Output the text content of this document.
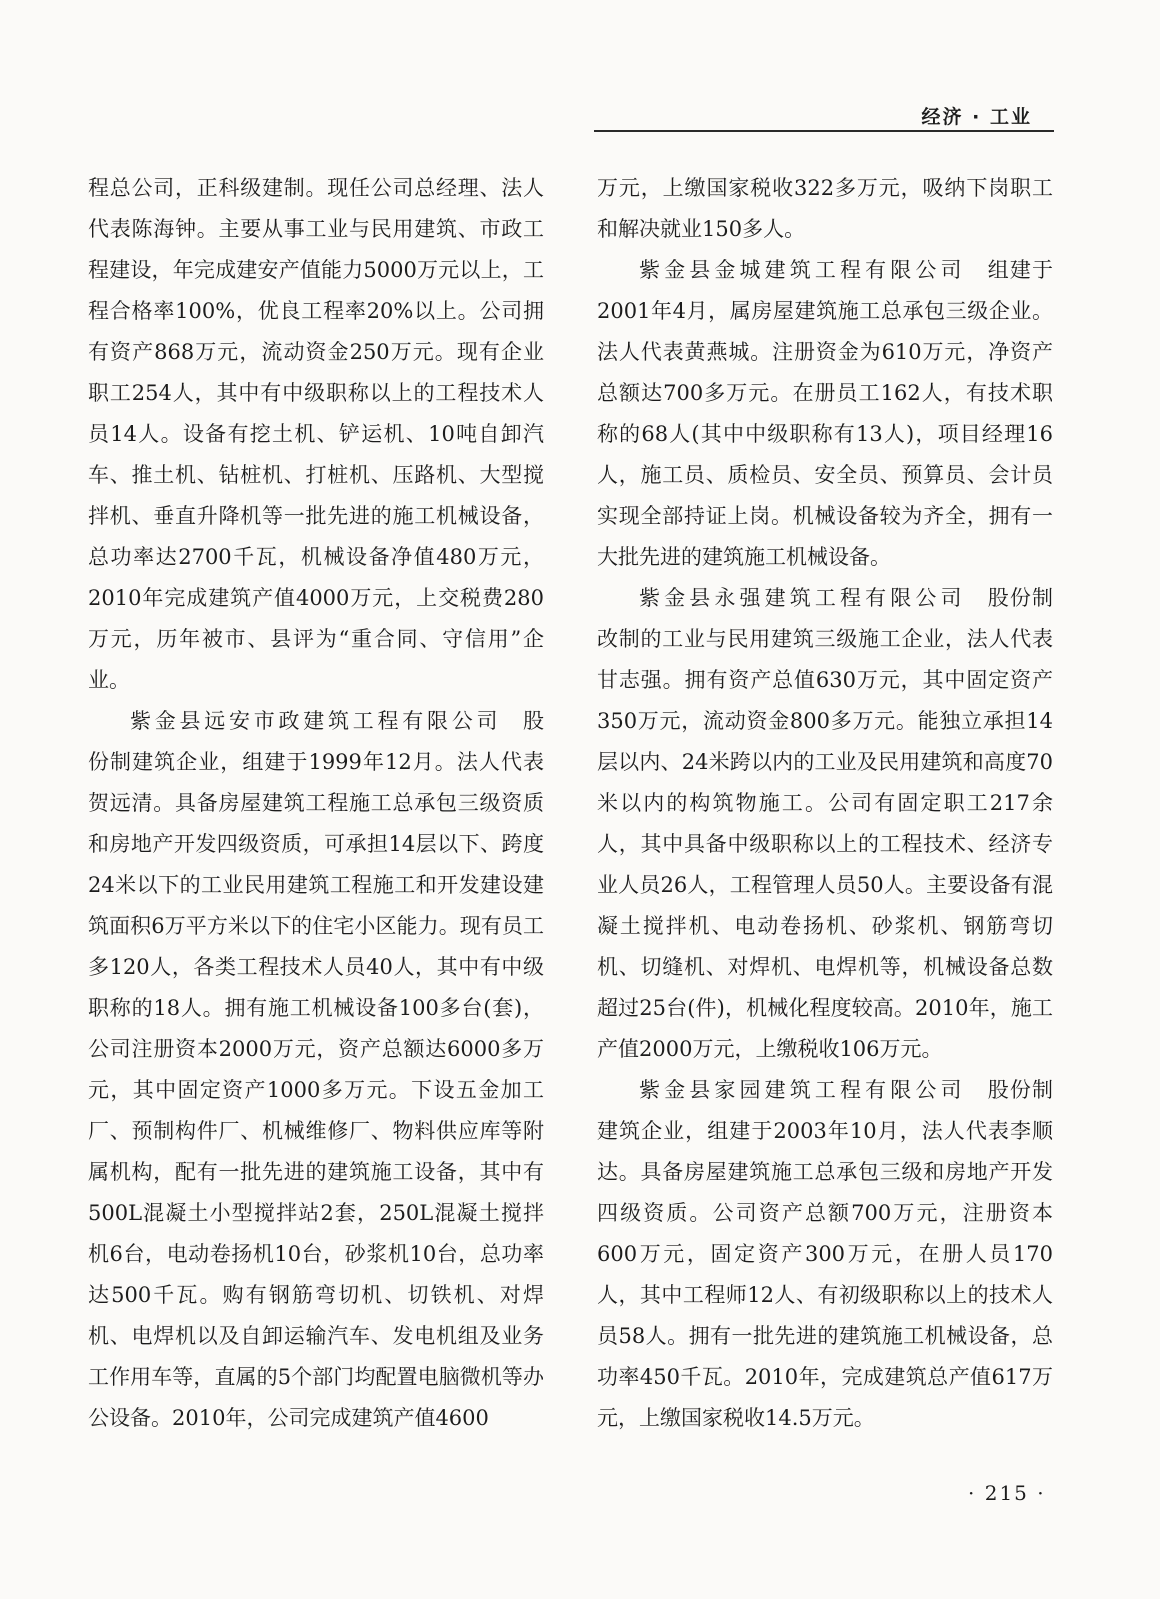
经济 · 工业

程总公司，正科级建制。现任公司总经理、法人代表陈海钟。主要从事工业与民用建筑、市政工程建设，年完成建安产值能力5000万元以上，工程合格率100%，优良工程率20%以上。公司拥有资产868万元，流动资金250万元。现有企业职工254人，其中有中级职称以上的工程技术人员14人。设备有挖土机、铲运机、10吨自卸汽车、推土机、钻桩机、打桩机、压路机、大型搅拌机、垂直升降机等一批先进的施工机械设备，总功率达2700千瓦，机械设备净值480万元，2010年完成建筑产值4000万元，上交税费280万元，历年被市、县评为“重合同、守信用”企业。

紫金县远安市政建筑工程有限公司　 股份制建筑企业，组建于1999年12月。法人代表贺远清。具备房屋建筑工程施工总承包三级资质和房地产开发四级资质，可承担14层以下、跨度24米以下的工业民用建筑工程施工和开发建设建筑面积6万平方米以下的住宅小区能力。现有员工多120人，各类工程技术人员40人，其中有中级职称的18人。拥有施工机械设备100多台(套)，公司注册资本2000万元，资产总额达6000多万元，其中固定资产1000多万元。下设五金加工厂、预制构件厂、机械维修厂、物料供应库等附属机构，配有一批先进的建筑施工设备，其中有500L混凝土小型搅拌站2套，250L混凝土搅拌机6台，电动卷扬机10台，砂浆机10台，总功率达500千瓦。购有钢筋弯切机、切铁机、对焊机、电焊机以及自卸运输汽车、发电机组及业务工作用车等，直属的5个部门均配置电脑微机等办公设备。2010年，公司完成建筑产值4600

万元，上缴国家税收322多万元，吸纳下岗职工和解决就业150多人。

紫金县金城建筑工程有限公司　 组建于2001年4月，属房屋建筑施工总承包三级企业。法人代表黄燕城。注册资金为610万元，净资产总额达700多万元。在册员工162人，有技术职称的68人(其中中级职称有13人)，项目经理16人，施工员、质检员、安全员、预算员、会计员实现全部持证上岗。机械设备较为齐全，拥有一大批先进的建筑施工机械设备。

紫金县永强建筑工程有限公司　 股份制改制的工业与民用建筑三级施工企业，法人代表甘志强。拥有资产总值630万元，其中固定资产350万元，流动资金800多万元。能独立承担14层以内、24米跨以内的工业及民用建筑和高度70米以内的构筑物施工。公司有固定职工217余人，其中具备中级职称以上的工程技术、经济专业人员26人，工程管理人员50人。主要设备有混凝土搅拌机、电动卷扬机、砂浆机、钢筋弯切机、切缝机、对焊机、电焊机等，机械设备总数超过25台(件)，机械化程度较高。2010年，施工产值2000万元，上缴税收106万元。

紫金县家园建筑工程有限公司　 股份制建筑企业，组建于2003年10月，法人代表李顺达。具备房屋建筑施工总承包三级和房地产开发四级资质。公司资产总额700万元，注册资本600万元，固定资产300万元，在册人员170人，其中工程师12人、有初级职称以上的技术人员58人。拥有一批先进的建筑施工机械设备，总功率450千瓦。2010年，完成建筑总产值617万元，上缴国家税收14.5万元。

· 215 ·
